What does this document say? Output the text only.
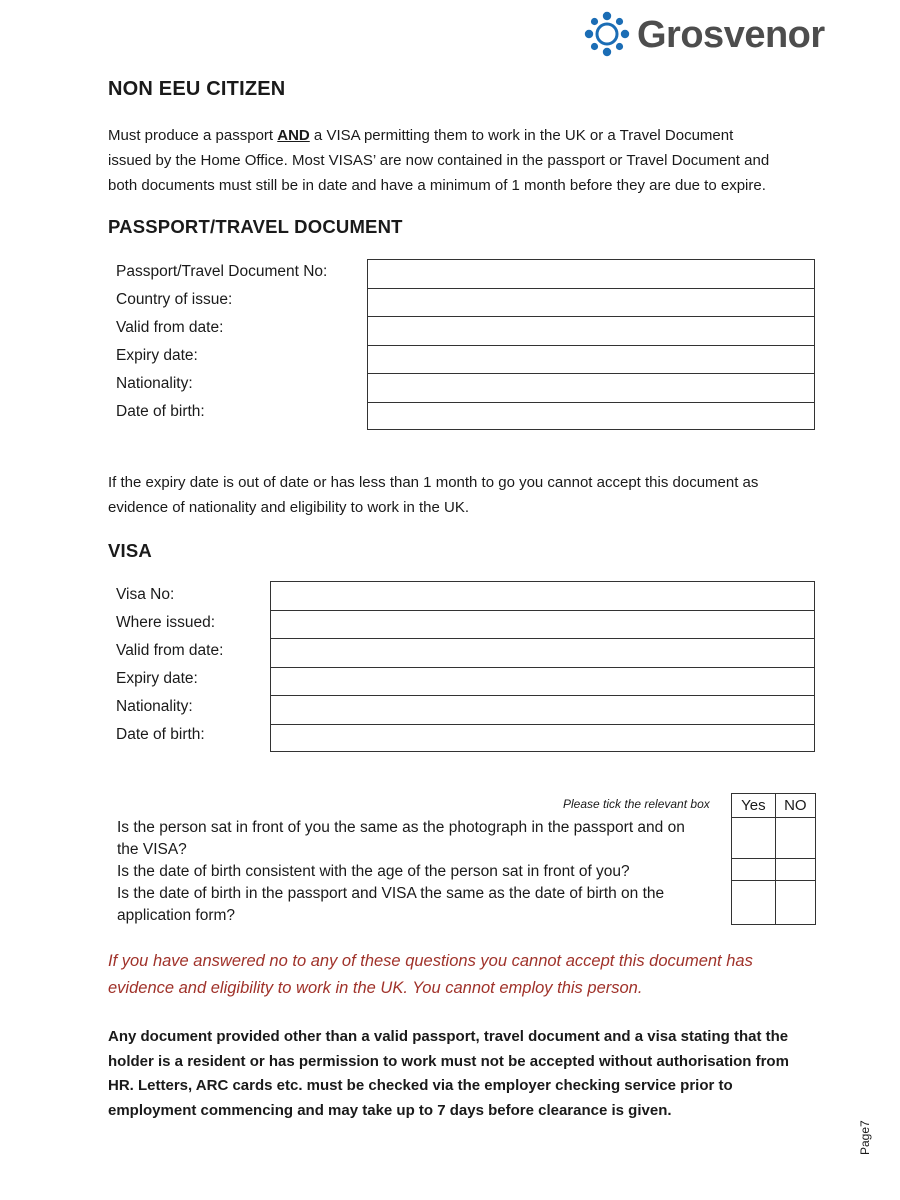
Grosvenor
NON EEU CITIZEN
Must produce a passport AND a VISA permitting them to work in the UK or a Travel Document
issued by the Home Office. Most VISAS’ are now contained in the passport or Travel Document and
both documents must still be in date and have a minimum of 1 month before they are due to expire.
PASSPORT/TRAVEL DOCUMENT
Passport/Travel Document No:
Country of issue:
Valid from date:
Expiry date:
Nationality:
Date of birth:
If the expiry date is out of date or has less than 1 month to go you cannot accept this document as
evidence of nationality and eligibility to work in the UK.
VISA
Visa No:
Where issued:
Valid from date:
Expiry date:
Nationality:
Date of birth:
Please tick the relevant box Yes	NO

Is the person sat in front of you the same as the photograph in the passport and on
the VISA?
Is the date of birth consistent with the age of the person sat in front of you?
Is the date of birth in the passport and VISA the same as the date of birth on the
application form?
If you have answered no to any of these questions you cannot accept this document has
evidence and eligibility to work in the UK. You cannot employ this person.
Any document provided other than a valid passport, travel document and a visa stating that the
holder is a resident or has permission to work must not be accepted without authorisation from
HR. Letters, ARC cards etc. must be checked via the employer checking service prior to
employment commencing and may take up to 7 days before clearance is given.
Page7
